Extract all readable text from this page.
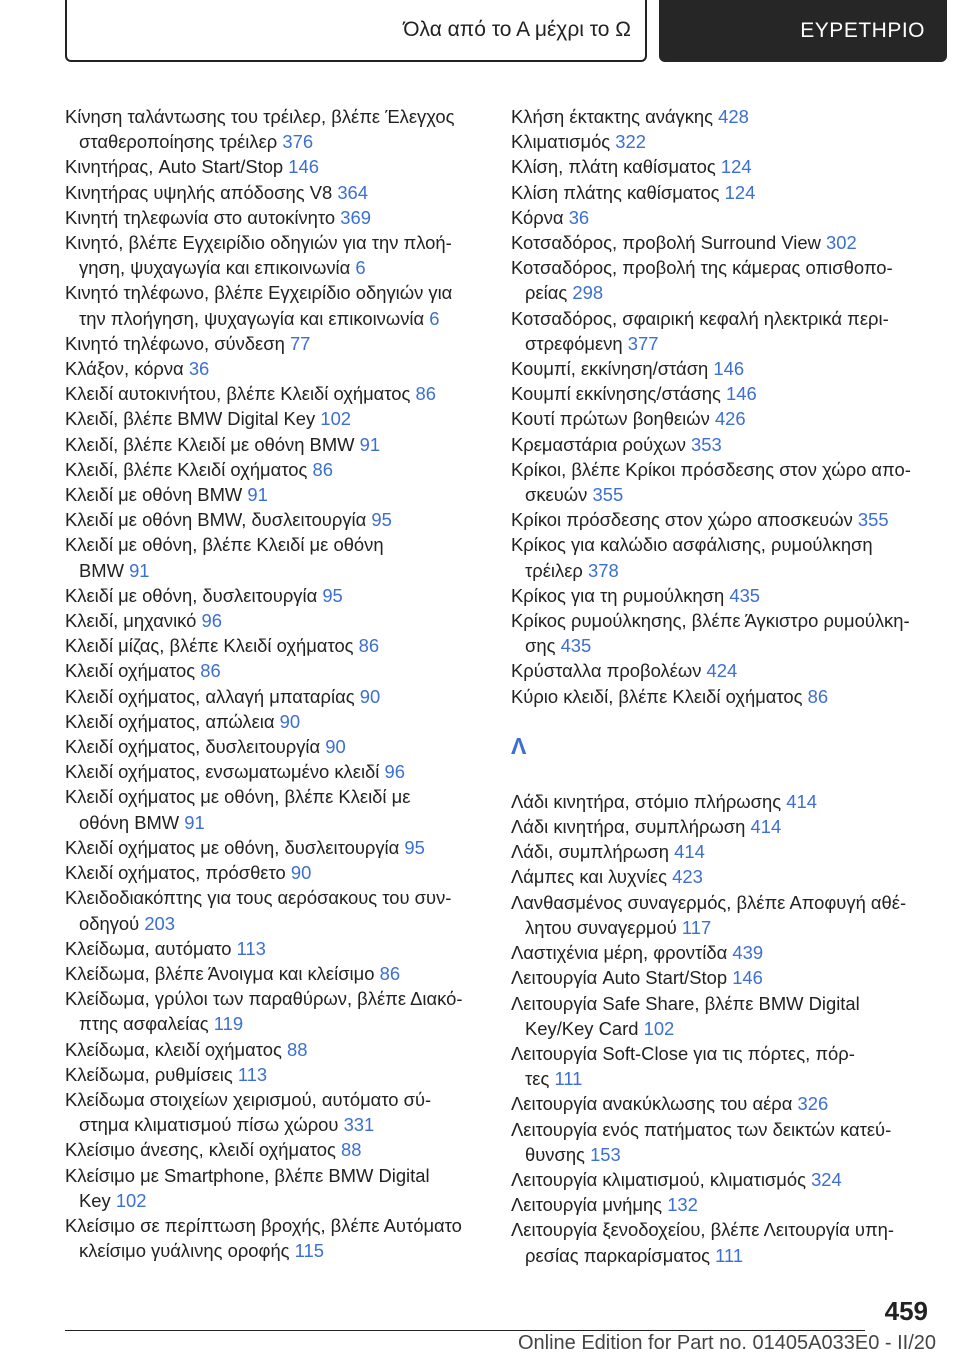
Όλα από το Α μέχρι το Ω	ΕΥΡΕΤΗΡΙΟ
Κίνηση ταλάντωσης του τρέιλερ, βλέπε Έλεγχος
σταθεροποίησης τρέιλερ 376
Κινητήρας, Auto Start/Stop 146
Κινητήρας υψηλής απόδοσης V8 364
Κινητή τηλεφωνία στο αυτοκίνητο 369
Κινητό, βλέπε Εγχειρίδιο οδηγιών για την πλοή-
γηση, ψυχαγωγία και επικοινωνία 6
Κινητό τηλέφωνο, βλέπε Εγχειρίδιο οδηγιών για
την πλοήγηση, ψυχαγωγία και επικοινωνία 6
Κινητό τηλέφωνο, σύνδεση 77
Κλάξον, κόρνα 36
Κλειδί αυτοκινήτου, βλέπε Κλειδί οχήματος 86
Κλειδί, βλέπε BMW Digital Key 102
Κλειδί, βλέπε Κλειδί με οθόνη BMW 91
Κλειδί, βλέπε Κλειδί οχήματος 86
Κλειδί με οθόνη BMW 91
Κλειδί με οθόνη BMW, δυσλειτουργία 95
Κλειδί με οθόνη, βλέπε Κλειδί με οθόνη
BMW 91
Κλειδί με οθόνη, δυσλειτουργία 95
Κλειδί, μηχανικό 96
Κλειδί μίζας, βλέπε Κλειδί οχήματος 86
Κλειδί οχήματος 86
Κλειδί οχήματος, αλλαγή μπαταρίας 90
Κλειδί οχήματος, απώλεια 90
Κλειδί οχήματος, δυσλειτουργία 90
Κλειδί οχήματος, ενσωματωμένο κλειδί 96
Κλειδί οχήματος με οθόνη, βλέπε Κλειδί με
οθόνη BMW 91
Κλειδί οχήματος με οθόνη, δυσλειτουργία 95
Κλειδί οχήματος, πρόσθετο 90
Κλειδοδιακόπτης για τους αερόσακους του συν-
οδηγού 203
Κλείδωμα, αυτόματο 113
Κλείδωμα, βλέπε Άνοιγμα και κλείσιμο 86
Κλείδωμα, γρύλοι των παραθύρων, βλέπε Διακό-
πτης ασφαλείας 119
Κλείδωμα, κλειδί οχήματος 88
Κλείδωμα, ρυθμίσεις 113
Κλείδωμα στοιχείων χειρισμού, αυτόματο σύ-
στημα κλιματισμού πίσω χώρου 331
Κλείσιμο άνεσης, κλειδί οχήματος 88
Κλείσιμο με Smartphone, βλέπε BMW Digital
Key 102
Κλείσιμο σε περίπτωση βροχής, βλέπε Αυτόματο
κλείσιμο γυάλινης οροφής 115
Κλήση έκτακτης ανάγκης 428
Κλιματισμός 322
Κλίση, πλάτη καθίσματος 124
Κλίση πλάτης καθίσματος 124
Κόρνα 36
Κοτσαδόρος, προβολή Surround View 302
Κοτσαδόρος, προβολή της κάμερας οπισθοπο-
ρείας 298
Κοτσαδόρος, σφαιρική κεφαλή ηλεκτρικά περι-
στρεφόμενη 377
Κουμπί, εκκίνηση/στάση 146
Κουμπί εκκίνησης/στάσης 146
Κουτί πρώτων βοηθειών 426
Κρεμαστάρια ρούχων 353
Κρίκοι, βλέπε Κρίκοι πρόσδεσης στον χώρο απο-
σκευών 355
Κρίκοι πρόσδεσης στον χώρο αποσκευών 355
Κρίκος για καλώδιο ασφάλισης, ρυμούλκηση
τρέιλερ 378
Κρίκος για τη ρυμούλκηση 435
Κρίκος ρυμούλκησης, βλέπε Άγκιστρο ρυμούλκη-
σης 435
Κρύσταλλα προβολέων 424
Κύριο κλειδί, βλέπε Κλειδί οχήματος 86
Λ
Λάδι κινητήρα, στόμιο πλήρωσης 414
Λάδι κινητήρα, συμπλήρωση 414
Λάδι, συμπλήρωση 414
Λάμπες και λυχνίες 423
Λανθασμένος συναγερμός, βλέπε Αποφυγή αθέ-
λητου συναγερμού 117
Λαστιχένια μέρη, φροντίδα 439
Λειτουργία Auto Start/Stop 146
Λειτουργία Safe Share, βλέπε BMW Digital
Key/Key Card 102
Λειτουργία Soft-Close για τις πόρτες, πόρ-
τες 111
Λειτουργία ανακύκλωσης του αέρα 326
Λειτουργία ενός πατήματος των δεικτών κατεύ-
θυνσης 153
Λειτουργία κλιματισμού, κλιματισμός 324
Λειτουργία μνήμης 132
Λειτουργία ξενοδοχείου, βλέπε Λειτουργία υπη-
ρεσίας παρκαρίσματος 111
459
Online Edition for Part no. 01405A033E0 - II/20
